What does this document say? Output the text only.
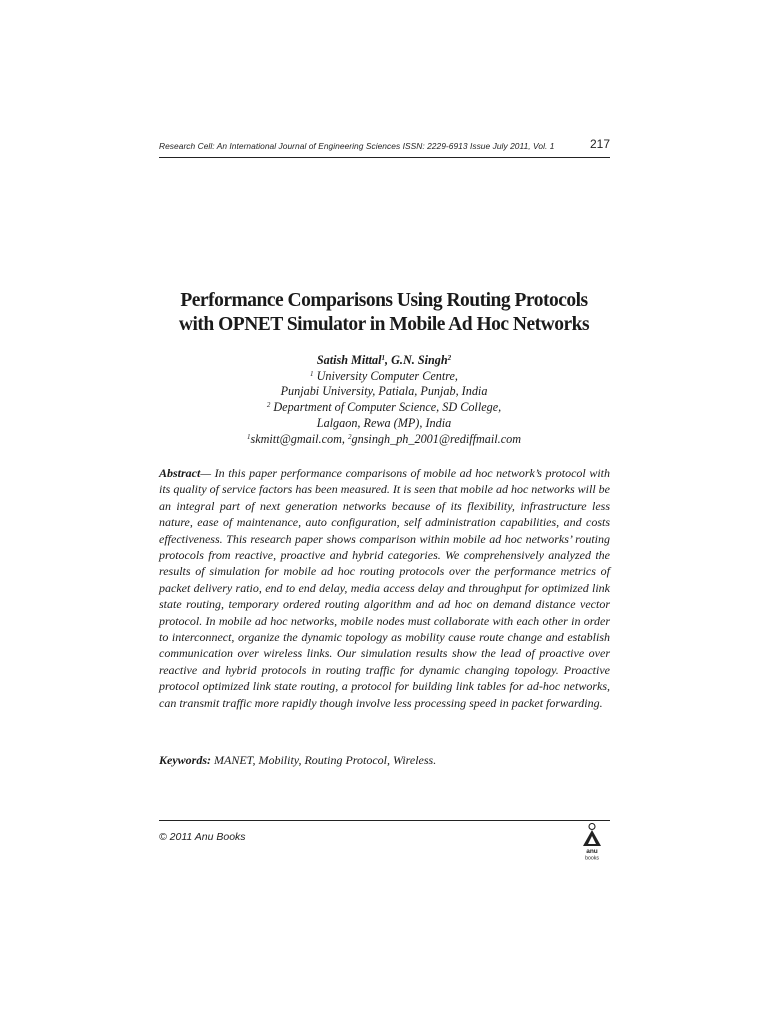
Research Cell: An International Journal of Engineering Sciences ISSN: 2229-6913 Issue July 2011, Vol. 1	217
Performance Comparisons Using Routing Protocols
with OPNET Simulator in Mobile Ad Hoc Networks
Satish Mittal$^1$, G.N. Singh$^2$
$^1$ University Computer Centre,
Punjabi University, Patiala, Punjab, India
$^2$ Department of Computer Science, SD College,
Lalgaon, Rewa (MP), India
$^1$skmitt@gmail.com, $^2$gnsingh_ph_2001@rediffmail.com

Abstract— In this paper performance comparisons of mobile ad hoc network’s protocol with its quality of service factors has been measured. It is seen that mobile ad hoc networks will be an integral part of next generation networks because of its flexibility, infrastructure less nature, ease of maintenance, auto configuration, self administration capabilities, and costs effectiveness. This research paper shows comparison within mobile ad hoc networks’ routing protocols from reactive, proactive and hybrid categories. We comprehensively analyzed the results of simulation for mobile ad hoc routing protocols over the performance metrics of packet delivery ratio, end to end delay, media access delay and throughput for optimized link state routing, temporary ordered routing algorithm and ad hoc on demand distance vector protocol. In mobile ad hoc networks, mobile nodes must collaborate with each other in order to interconnect, organize the dynamic topology as mobility cause route change and establish communication over wireless links. Our simulation results show the lead of proactive over reactive and hybrid protocols in routing traffic for dynamic changing topology. Proactive protocol optimized link state routing, a protocol for building link tables for ad-hoc networks, can transmit traffic more rapidly though involve less processing speed in packet forwarding.

Keywords: MANET, Mobility, Routing Protocol, Wireless.
© 2011 Anu Books
anu
books
